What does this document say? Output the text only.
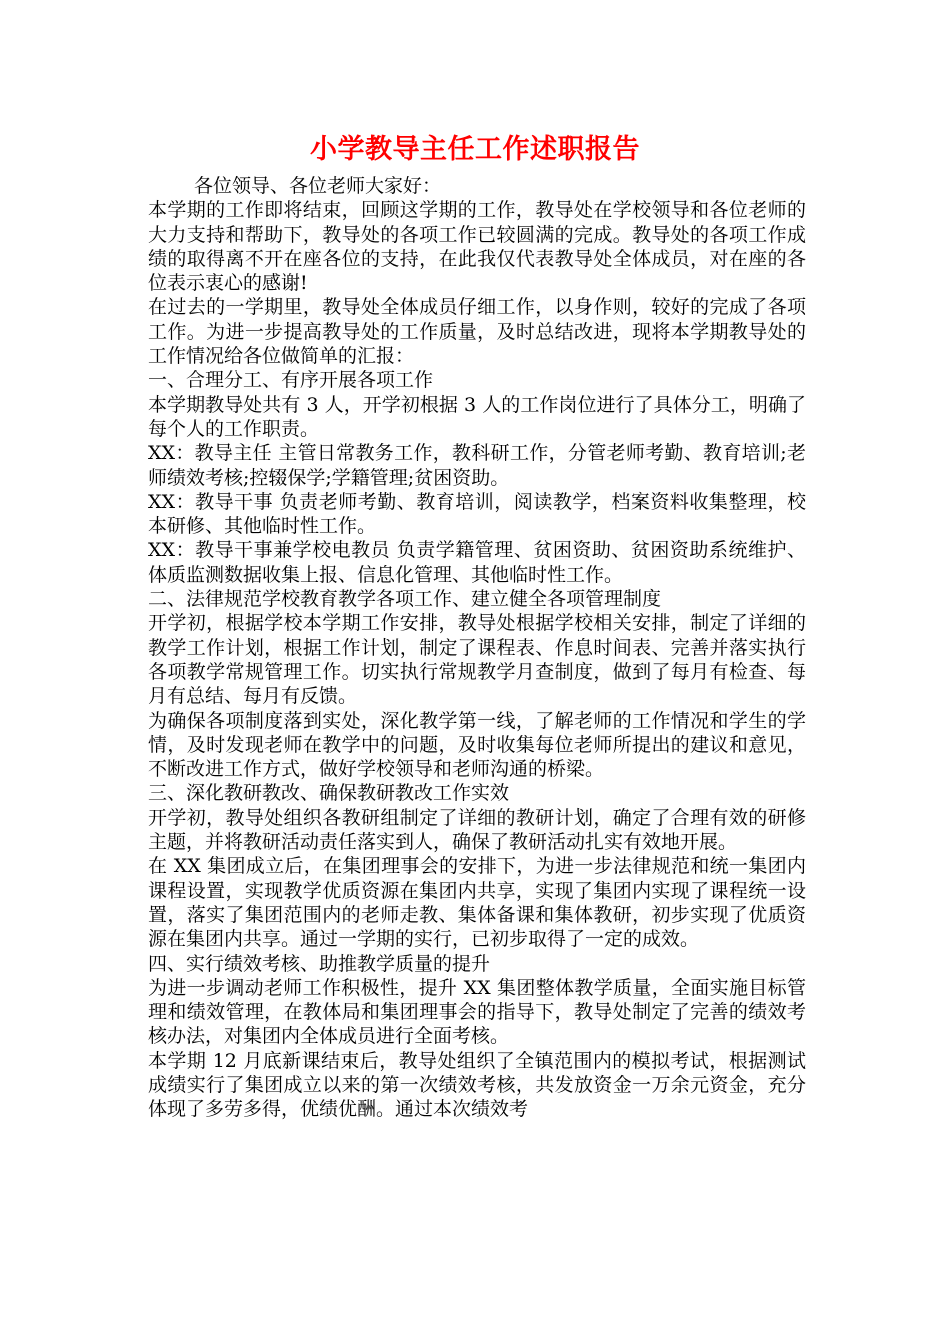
小学教导主任工作述职报告

各位领导、各位老师大家好：

本学期的工作即将结束，回顾这学期的工作，教导处在学校领导和各位老师的大力支持和帮助下，教导处的各项工作已较圆满的完成。教导处的各项工作成绩的取得离不开在座各位的支持，在此我仅代表教导处全体成员，对在座的各位表示衷心的感谢!

在过去的一学期里，教导处全体成员仔细工作，以身作则，较好的完成了各项工作。为进一步提高教导处的工作质量，及时总结改进，现将本学期教导处的工作情况给各位做简单的汇报：

一、合理分工、有序开展各项工作

本学期教导处共有 3 人，开学初根据 3 人的工作岗位进行了具体分工，明确了每个人的工作职责。

XX：教导主任 主管日常教务工作，教科研工作，分管老师考勤、教育培训;老师绩效考核;控辍保学;学籍管理;贫困资助。

XX：教导干事 负责老师考勤、教育培训，阅读教学，档案资料收集整理，校本研修、其他临时性工作。

XX：教导干事兼学校电教员 负责学籍管理、贫困资助、贫困资助系统维护、体质监测数据收集上报、信息化管理、其他临时性工作。

二、法律规范学校教育教学各项工作、建立健全各项管理制度

开学初，根据学校本学期工作安排，教导处根据学校相关安排，制定了详细的教学工作计划，根据工作计划，制定了课程表、作息时间表、完善并落实执行各项教学常规管理工作。切实执行常规教学月查制度，做到了每月有检查、每月有总结、每月有反馈。

为确保各项制度落到实处，深化教学第一线，了解老师的工作情况和学生的学情，及时发现老师在教学中的问题，及时收集每位老师所提出的建议和意见，不断改进工作方式，做好学校领导和老师沟通的桥梁。

三、深化教研教改、确保教研教改工作实效

开学初，教导处组织各教研组制定了详细的教研计划，确定了合理有效的研修主题，并将教研活动责任落实到人，确保了教研活动扎实有效地开展。

在 XX 集团成立后，在集团理事会的安排下，为进一步法律规范和统一集团内课程设置，实现教学优质资源在集团内共享，实现了集团内实现了课程统一设置，落实了集团范围内的老师走教、集体备课和集体教研，初步实现了优质资源在集团内共享。通过一学期的实行，已初步取得了一定的成效。

四、实行绩效考核、助推教学质量的提升

为进一步调动老师工作积极性，提升 XX 集团整体教学质量，全面实施目标管理和绩效管理，在教体局和集团理事会的指导下，教导处制定了完善的绩效考核办法，对集团内全体成员进行全面考核。

本学期 12 月底新课结束后，教导处组织了全镇范围内的模拟考试，根据测试成绩实行了集团成立以来的第一次绩效考核，共发放资金一万余元资金，充分体现了多劳多得，优绩优酬。通过本次绩效考
